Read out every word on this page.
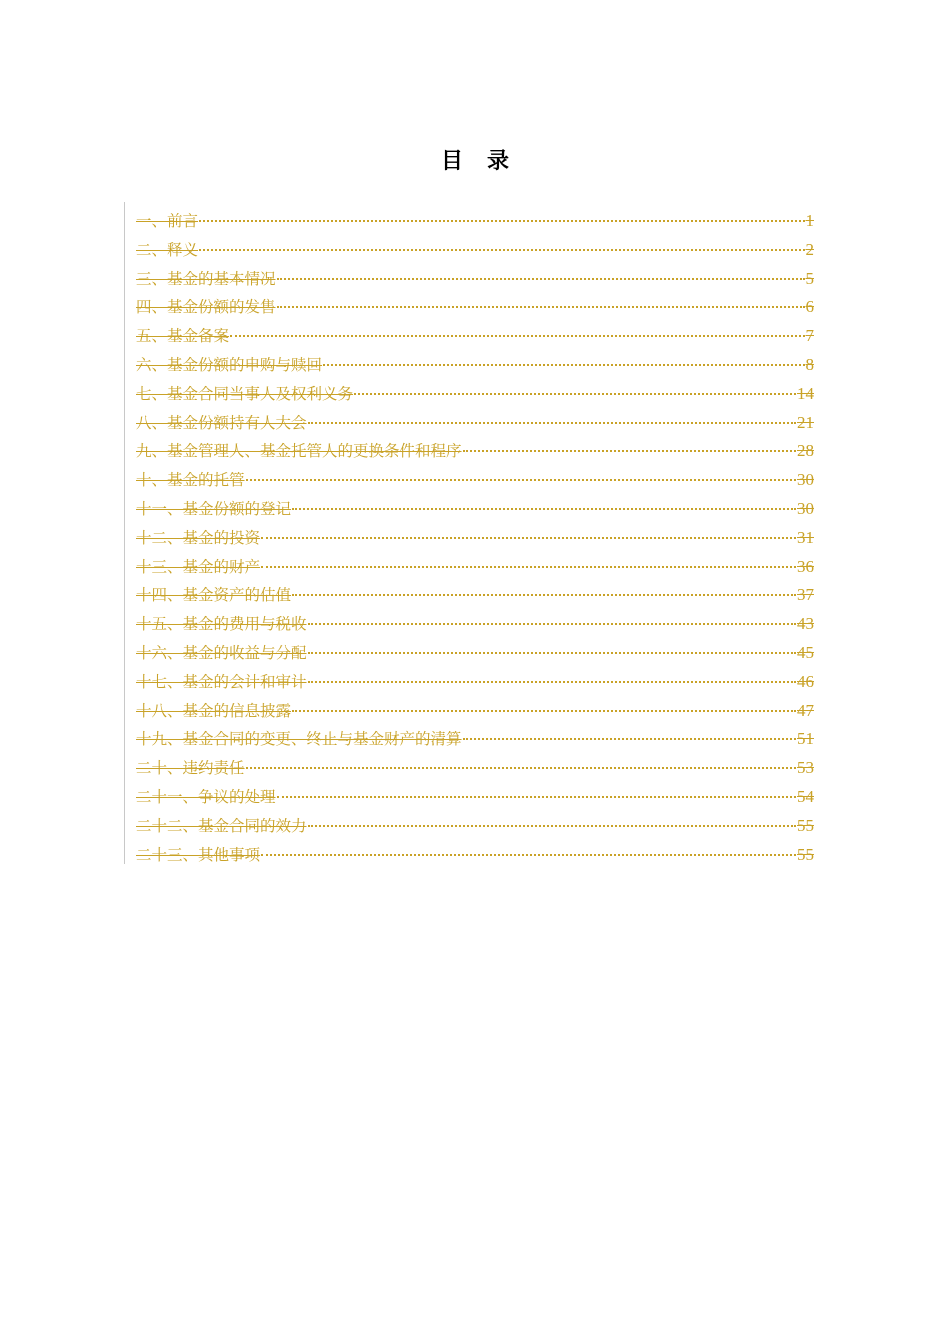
目录
一、前言	1
二、释义	2
三、基金的基本情况	5
四、基金份额的发售	6
五、基金备案	7
六、基金份额的申购与赎回	8
七、基金合同当事人及权利义务	14
八、基金份额持有人大会	21
九、基金管理人、基金托管人的更换条件和程序	28
十、基金的托管	30
十一、基金份额的登记	30
十二、基金的投资	31
十三、基金的财产	36
十四、基金资产的估值	37
十五、基金的费用与税收	43
十六、基金的收益与分配	45
十七、基金的会计和审计	46
十八、基金的信息披露	47
十九、基金合同的变更、终止与基金财产的清算	51
二十、违约责任	53
二十一、争议的处理	54
二十二、基金合同的效力	55
二十三、其他事项	55
